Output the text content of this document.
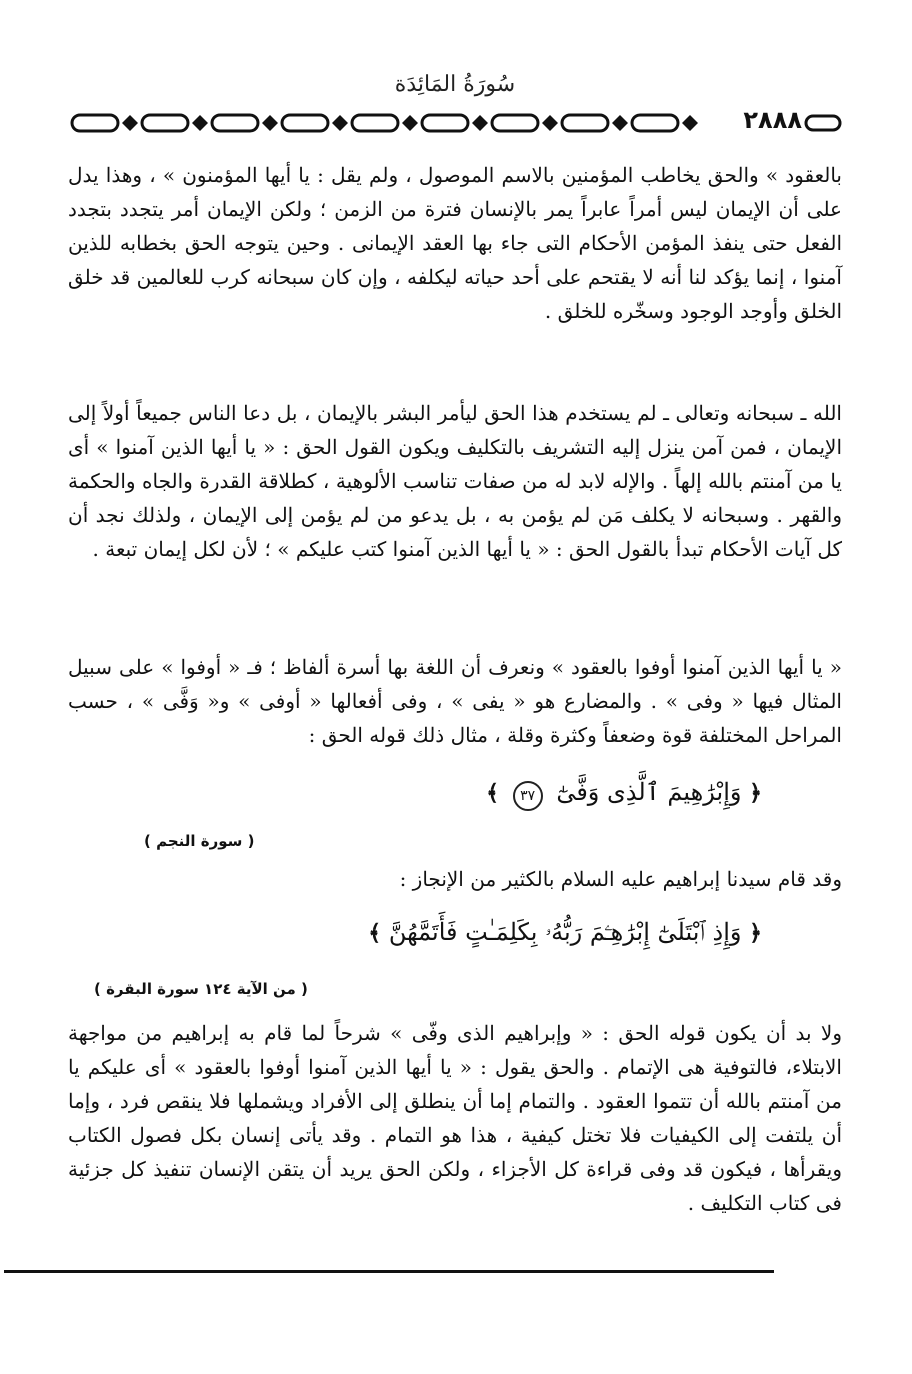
سُورَةُ المَائِدَة
٢٨٨٨

بالعقود » والحق يخاطب المؤمنين بالاسم الموصول ، ولم يقل : يا أيها المؤمنون » ، وهذا يدل على أن الإيمان ليس أمراً عابراً يمر بالإنسان فترة من الزمن ؛ ولكن الإيمان أمر يتجدد بتجدد الفعل حتى ينفذ المؤمن الأحكام التى جاء بها العقد الإيمانى . وحين يتوجه الحق بخطابه للذين آمنوا ، إنما يؤكد لنا أنه لا يقتحم على أحد حياته ليكلفه ، وإن كان سبحانه كرب للعالمين قد خلق الخلق وأوجد الوجود وسخّره للخلق .

الله ـ سبحانه وتعالى ـ لم يستخدم هذا الحق ليأمر البشر بالإيمان ، بل دعا الناس جميعاً أولاً إلى الإيمان ، فمن آمن ينزل إليه التشريف بالتكليف ويكون القول الحق : « يا أيها الذين آمنوا » أى يا من آمنتم بالله إلهاً . والإله لابد له من صفات تناسب الألوهية ، كطلاقة القدرة والجاه والحكمة والقهر . وسبحانه لا يكلف مَن لم يؤمن به ، بل يدعو من لم يؤمن إلى الإيمان ، ولذلك نجد أن كل آيات الأحكام تبدأ بالقول الحق : « يا أيها الذين آمنوا كتب عليكم » ؛ لأن لكل إيمان تبعة .

« يا أيها الذين آمنوا أوفوا بالعقود » ونعرف أن اللغة بها أسرة ألفاظ ؛ فـ « أوفوا » على سبيل المثال فيها « وفى » . والمضارع هو « يفى » ، وفى أفعالها « أوفى » و« وَفَّى » ، حسب المراحل المختلفة قوة وضعفاً وكثرة وقلة ، مثال ذلك قوله الحق :

﴿ وَإِبْرَٰهِيمَ ٱلَّذِى وَفَّىٰٓ ٣٧ ﴾
( سورة النجم )

وقد قام سيدنا إبراهيم عليه السلام بالكثير من الإنجاز :

﴿ وَإِذِ ٱبْتَلَىٰٓ إِبْرَٰهِـۧمَ رَبُّهُۥ بِكَلِمَـٰتٍ فَأَتَمَّهُنَّ ﴾
( من الآية ١٢٤ سورة البقرة )

ولا بد أن يكون قوله الحق : « وإبراهيم الذى وفّى » شرحاً لما قام به إبراهيم من مواجهة الابتلاء، فالتوفية هى الإتمام . والحق يقول : « يا أيها الذين آمنوا أوفوا بالعقود » أى عليكم يا من آمنتم بالله أن تتموا العقود . والتمام إما أن ينطلق إلى الأفراد ويشملها فلا ينقص فرد ، وإما أن يلتفت إلى الكيفيات فلا تختل كيفية ، هذا هو التمام . وقد يأتى إنسان بكل فصول الكتاب ويقرأها ، فيكون قد وفى قراءة كل الأجزاء ، ولكن الحق يريد أن يتقن الإنسان تنفيذ كل جزئية فى كتاب التكليف .
